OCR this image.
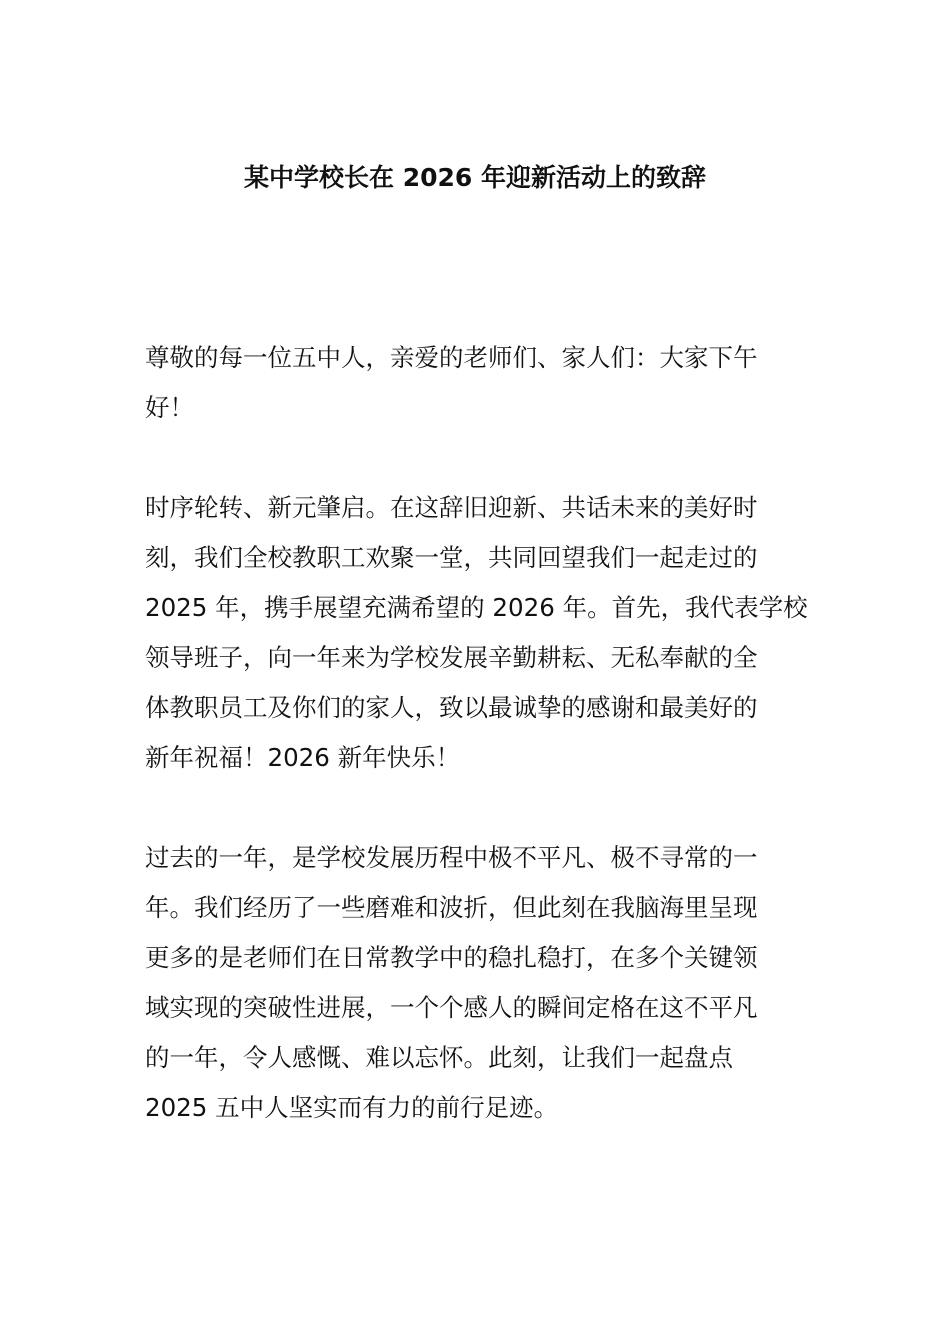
某中学校长在 2026 年迎新活动上的致辞

尊敬的每一位五中人，亲爱的老师们、家人们：大家下午
好！

时序轮转、新元肇启。在这辞旧迎新、共话未来的美好时
刻，我们全校教职工欢聚一堂，共同回望我们一起走过的
2025 年，携手展望充满希望的 2026 年。首先，我代表学校
领导班子，向一年来为学校发展辛勤耕耘、无私奉献的全
体教职员工及你们的家人，致以最诚挚的感谢和最美好的
新年祝福！2026 新年快乐！

过去的一年，是学校发展历程中极不平凡、极不寻常的一
年。我们经历了一些磨难和波折，但此刻在我脑海里呈现
更多的是老师们在日常教学中的稳扎稳打，在多个关键领
域实现的突破性进展，一个个感人的瞬间定格在这不平凡
的一年，令人感慨、难以忘怀。此刻，让我们一起盘点
2025 五中人坚实而有力的前行足迹。
